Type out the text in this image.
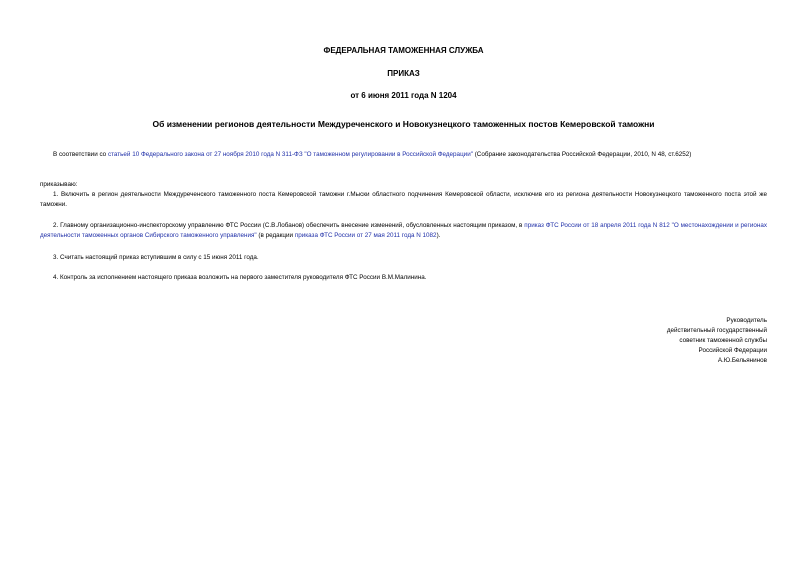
ФЕДЕРАЛЬНАЯ ТАМОЖЕННАЯ СЛУЖБА
ПРИКАЗ
от 6 июня 2011 года N 1204
Об изменении регионов деятельности Междуреченского и Новокузнецкого таможенных постов Кемеровской таможни
В соответствии со статьей 10 Федерального закона от 27 ноября 2010 года N 311-ФЗ "О таможенном регулировании в Российской Федерации" (Собрание законодательства Российской Федерации, 2010, N 48, ст.6252)
приказываю:
1. Включить в регион деятельности Междуреченского таможенного поста Кемеровской таможни г.Мыски областного подчинения Кемеровской области, исключив его из региона деятельности Новокузнецкого таможенного поста этой же таможни.
2. Главному организационно-инспекторскому управлению ФТС России (С.В.Лобанов) обеспечить внесение изменений, обусловленных настоящим приказом, в приказ ФТС России от 18 апреля 2011 года N 812 "О местонахождении и регионах деятельности таможенных органов Сибирского таможенного управления" (в редакции приказа ФТС России от 27 мая 2011 года N 1082).
3. Считать настоящий приказ вступившим в силу с 15 июня 2011 года.
4. Контроль за исполнением настоящего приказа возложить на первого заместителя руководителя ФТС России В.М.Малинина.
Руководитель
действительный государственный
советник таможенной службы
Российской Федерации
А.Ю.Бельянинов
